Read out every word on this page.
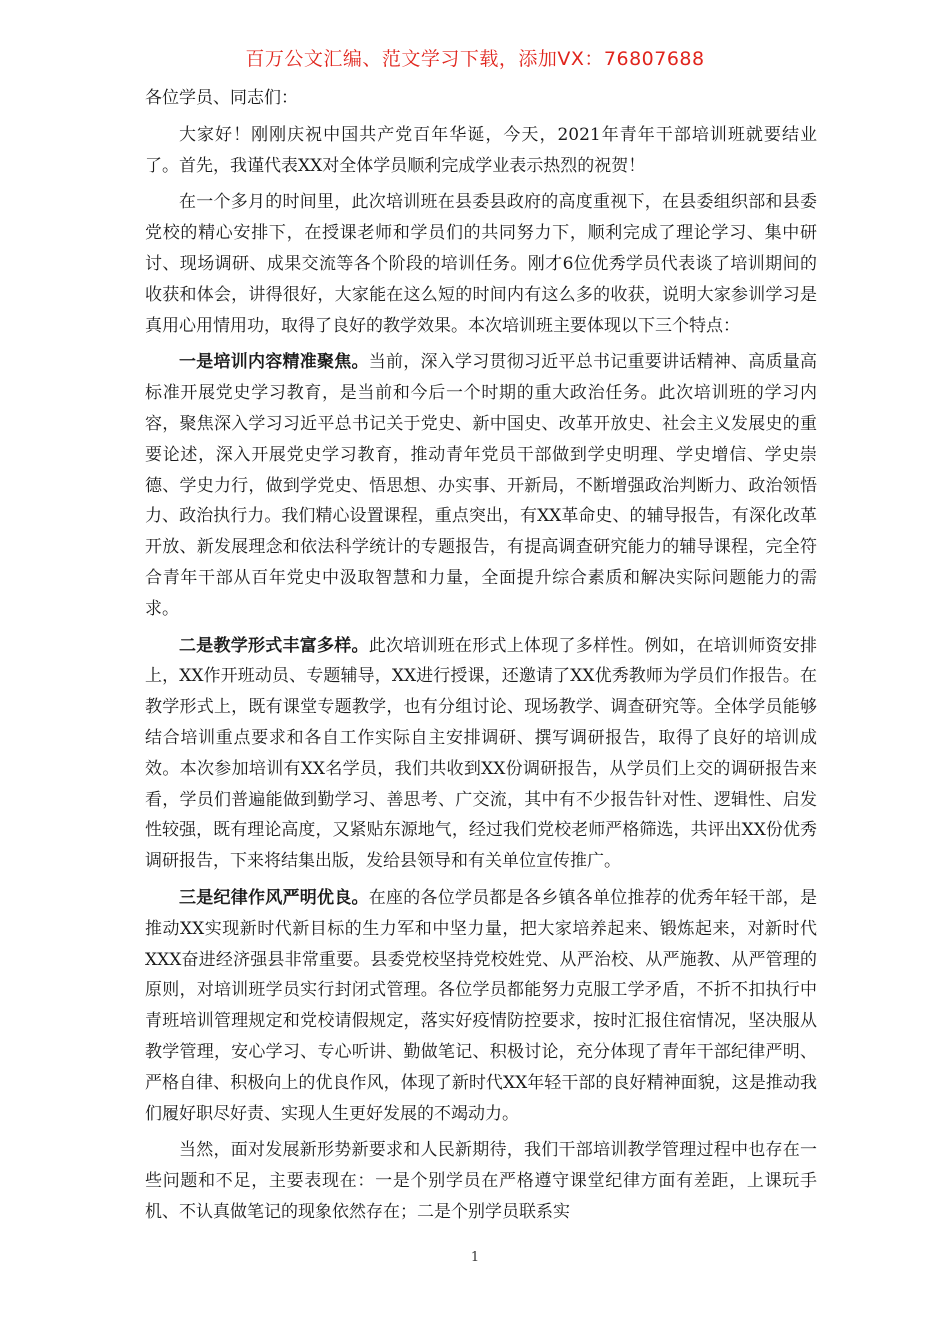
百万公文汇编、范文学习下载，添加VX：76807688

各位学员、同志们：

大家好！刚刚庆祝中国共产党百年华诞，今天，2021年青年干部培训班就要结业了。首先，我谨代表XX对全体学员顺利完成学业表示热烈的祝贺！

在一个多月的时间里，此次培训班在县委县政府的高度重视下，在县委组织部和县委党校的精心安排下，在授课老师和学员们的共同努力下，顺利完成了理论学习、集中研讨、现场调研、成果交流等各个阶段的培训任务。刚才6位优秀学员代表谈了培训期间的收获和体会，讲得很好，大家能在这么短的时间内有这么多的收获，说明大家参训学习是真用心用情用功，取得了良好的教学效果。本次培训班主要体现以下三个特点：

一是培训内容精准聚焦。当前，深入学习贯彻习近平总书记重要讲话精神、高质量高标准开展党史学习教育，是当前和今后一个时期的重大政治任务。此次培训班的学习内容，聚焦深入学习习近平总书记关于党史、新中国史、改革开放史、社会主义发展史的重要论述，深入开展党史学习教育，推动青年党员干部做到学史明理、学史增信、学史崇德、学史力行，做到学党史、悟思想、办实事、开新局，不断增强政治判断力、政治领悟力、政治执行力。我们精心设置课程，重点突出，有XX革命史、的辅导报告，有深化改革开放、新发展理念和依法科学统计的专题报告，有提高调查研究能力的辅导课程，完全符合青年干部从百年党史中汲取智慧和力量，全面提升综合素质和解决实际问题能力的需求。

二是教学形式丰富多样。此次培训班在形式上体现了多样性。例如，在培训师资安排上，XX作开班动员、专题辅导，XX进行授课，还邀请了XX优秀教师为学员们作报告。在教学形式上，既有课堂专题教学，也有分组讨论、现场教学、调查研究等。全体学员能够结合培训重点要求和各自工作实际自主安排调研、撰写调研报告，取得了良好的培训成效。本次参加培训有XX名学员，我们共收到XX份调研报告，从学员们上交的调研报告来看，学员们普遍能做到勤学习、善思考、广交流，其中有不少报告针对性、逻辑性、启发性较强，既有理论高度，又紧贴东源地气，经过我们党校老师严格筛选，共评出XX份优秀调研报告，下来将结集出版，发给县领导和有关单位宣传推广。

三是纪律作风严明优良。在座的各位学员都是各乡镇各单位推荐的优秀年轻干部，是推动XX实现新时代新目标的生力军和中坚力量，把大家培养起来、锻炼起来，对新时代XXX奋进经济强县非常重要。县委党校坚持党校姓党、从严治校、从严施教、从严管理的原则，对培训班学员实行封闭式管理。各位学员都能努力克服工学矛盾，不折不扣执行中青班培训管理规定和党校请假规定，落实好疫情防控要求，按时汇报住宿情况，坚决服从教学管理，安心学习、专心听讲、勤做笔记、积极讨论，充分体现了青年干部纪律严明、严格自律、积极向上的优良作风，体现了新时代XX年轻干部的良好精神面貌，这是推动我们履好职尽好责、实现人生更好发展的不竭动力。

当然，面对发展新形势新要求和人民新期待，我们干部培训教学管理过程中也存在一些问题和不足，主要表现在：一是个别学员在严格遵守课堂纪律方面有差距，上课玩手机、不认真做笔记的现象依然存在；二是个别学员联系实

1
